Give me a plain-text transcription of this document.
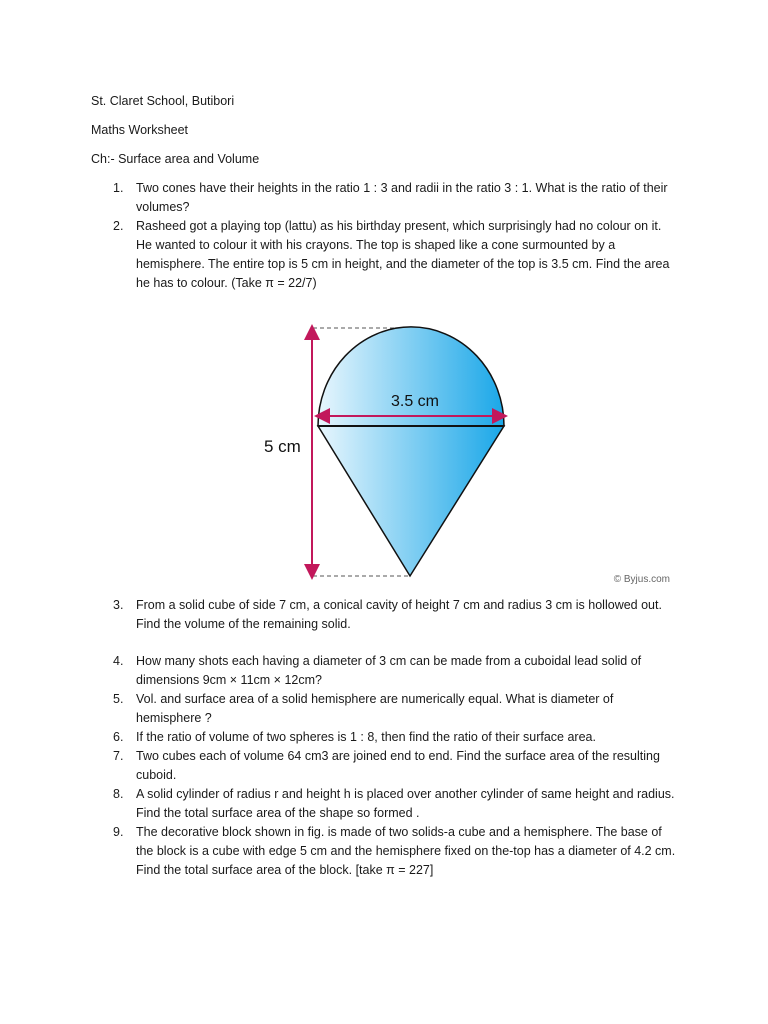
St. Claret School, Butibori
Maths Worksheet
Ch:- Surface area and Volume
1.	Two cones have their heights in the ratio 1 : 3 and radii in the ratio 3 : 1. What is the ratio of their volumes?
2.	Rasheed got a playing top (lattu) as his birthday present, which surprisingly had no colour on it. He wanted to colour it with his crayons. The top is shaped like a cone surmounted by a hemisphere. The entire top is 5 cm in height, and the diameter of the top is 3.5 cm. Find the area he has to colour. (Take π = 22/7)
3.5 cm
5 cm
© Byjus.com
3.	From a solid cube of side 7 cm, a conical cavity of height 7 cm and radius 3 cm is hollowed out. Find the volume of the remaining solid.
4.	How many shots each having a diameter of 3 cm can be made from a cuboidal lead solid of dimensions 9cm × 11cm × 12cm?
5.	Vol. and surface area of a solid hemisphere are numerically equal. What is diameter of hemisphere ?
6.	If the ratio of volume of two spheres is 1 : 8, then find the ratio of their surface area.
7.	Two cubes each of volume 64 cm3 are joined end to end. Find the surface area of the resulting cuboid.
8.	A solid cylinder of radius r and height h is placed over another cylinder of same height and radius. Find the total surface area of the shape so formed .
9.	The decorative block shown in fig. is made of two solids-a cube and a hemisphere. The base of the block is a cube with edge 5 cm and the hemisphere fixed on the-top has a diameter of 4.2 cm. Find the total surface area of the block. [take π = 227]
